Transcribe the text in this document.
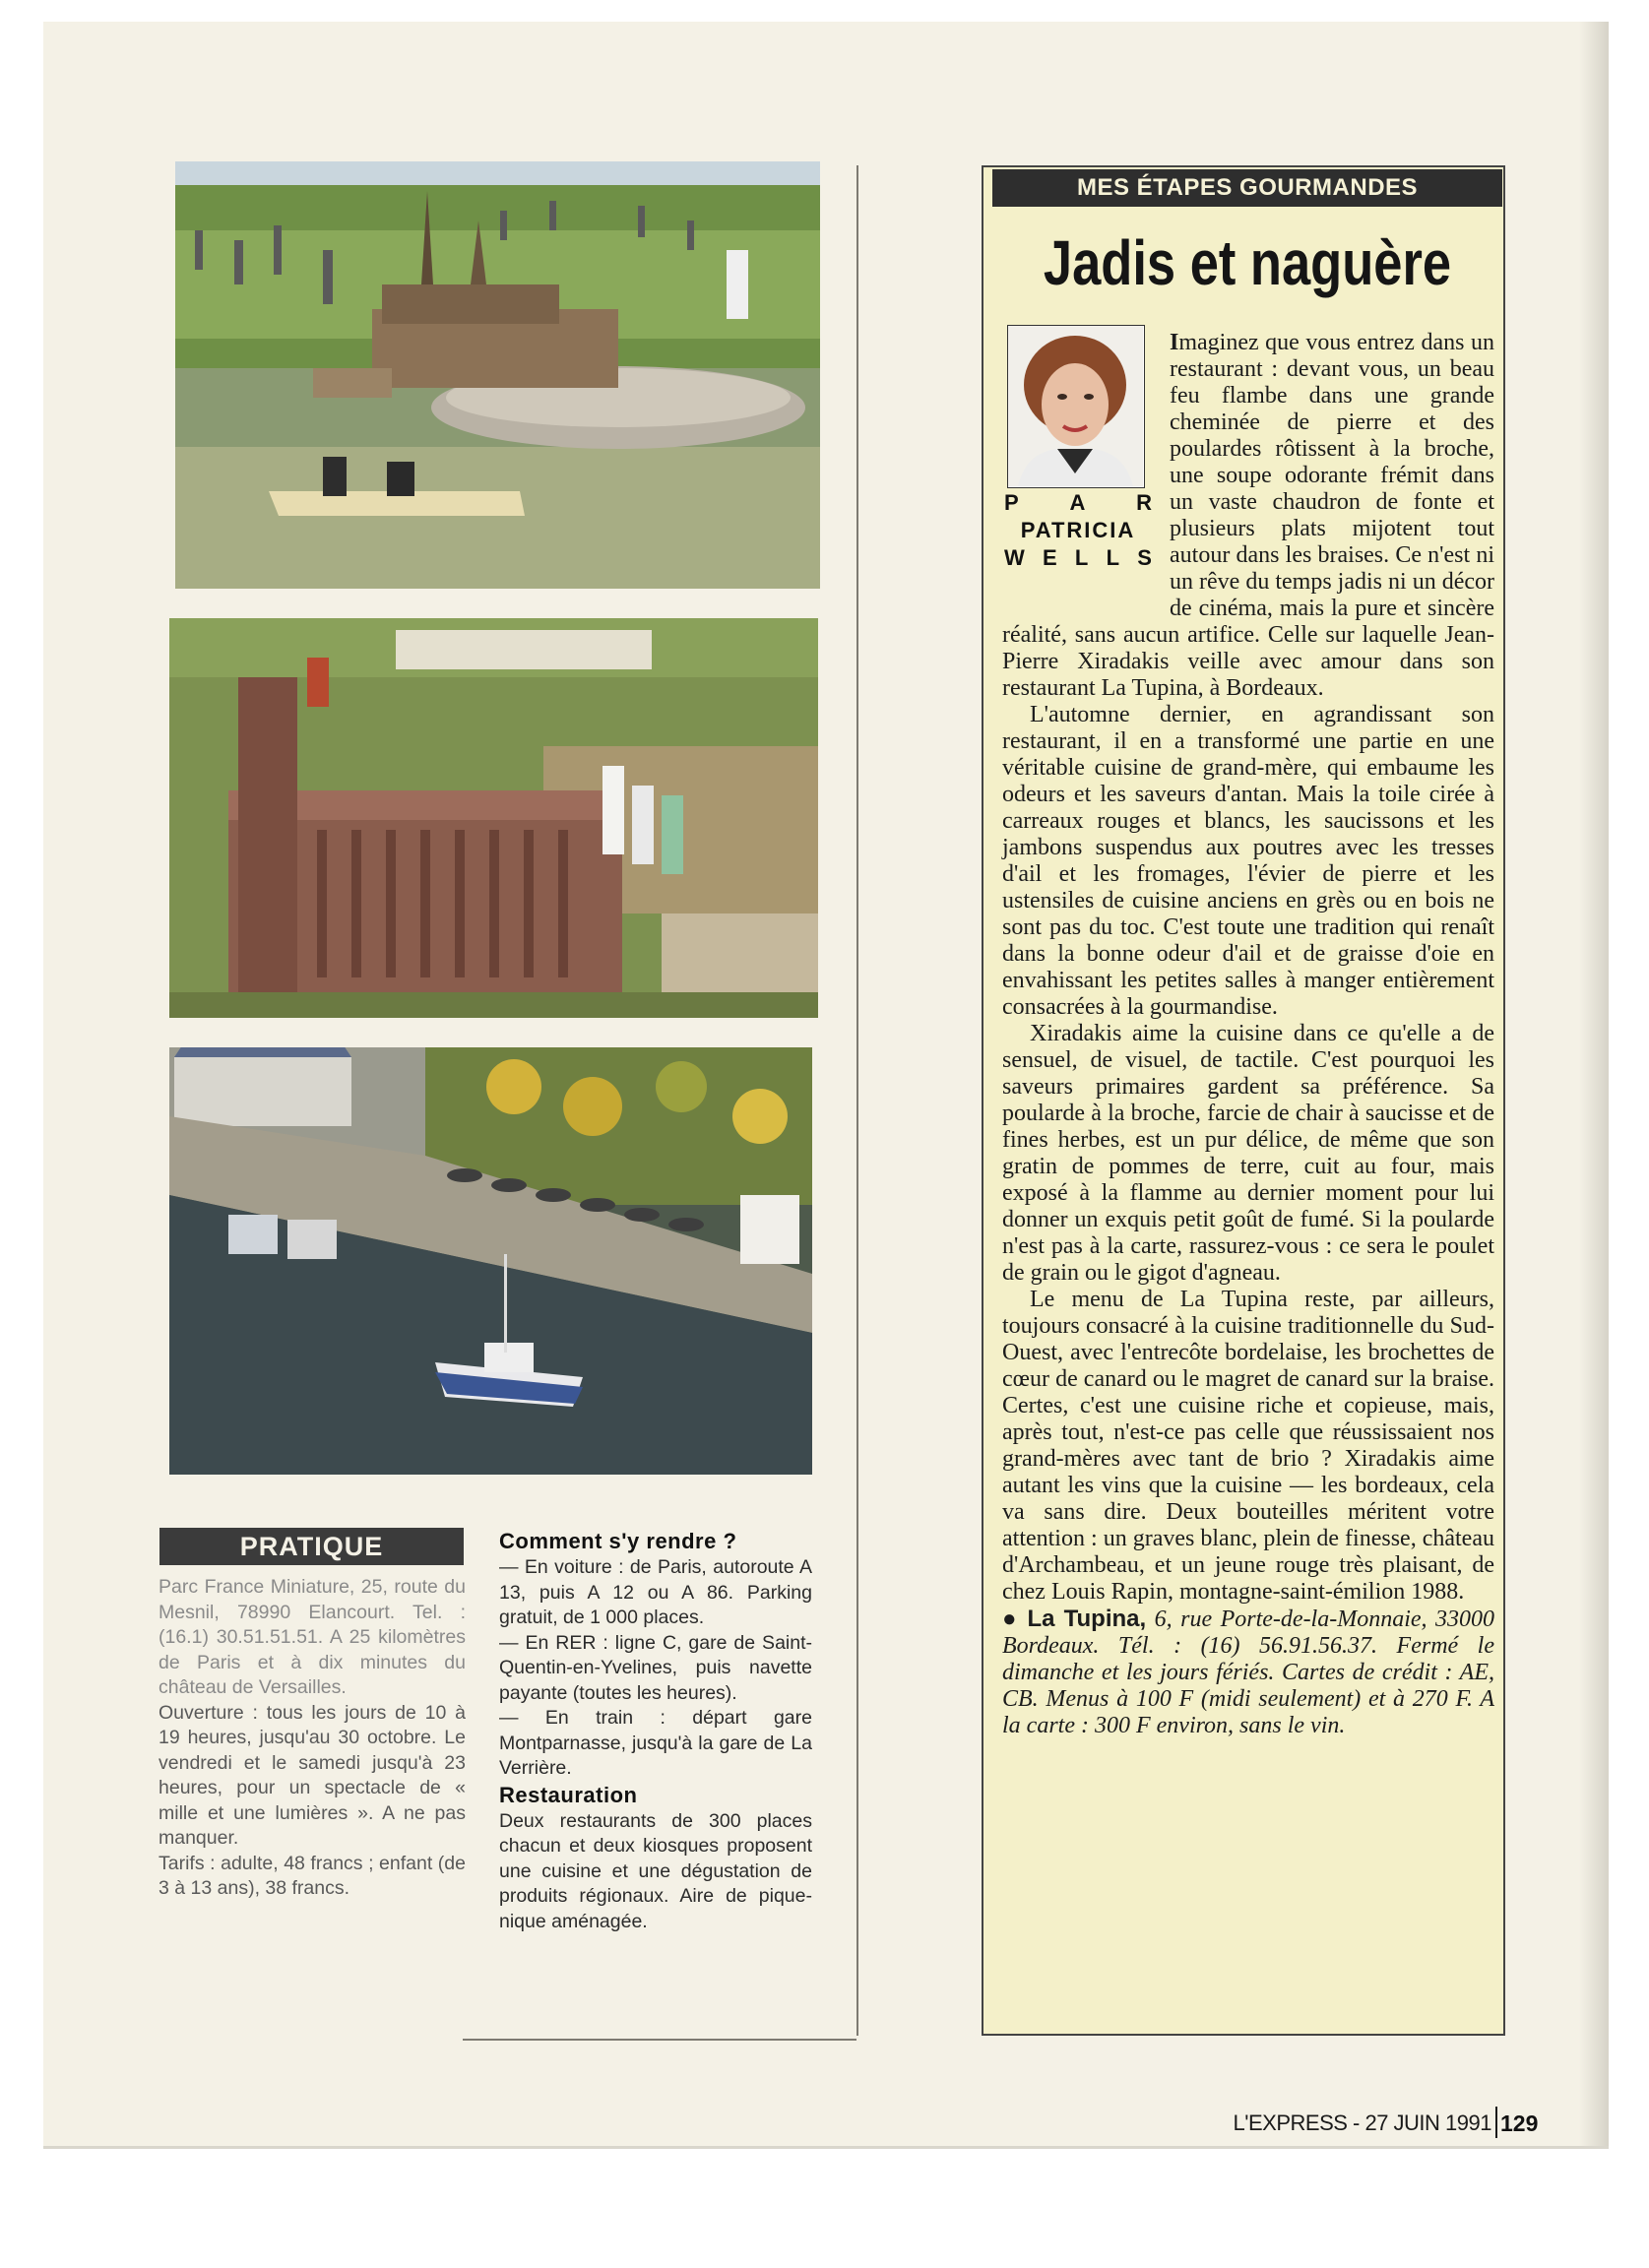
PRATIQUE

Parc France Miniature, 25, route du Mesnil, 78990 Elancourt. Tel. : (16.1) 30.51.51.51. A 25 kilomètres de Paris et à dix minutes du château de Versailles.

Ouverture : tous les jours de 10 à 19 heures, jusqu'au 30 octobre. Le vendredi et le samedi jusqu'à 23 heures, pour un spectacle de « mille et une lumières ». A ne pas manquer.

Tarifs : adulte, 48 francs ; enfant (de 3 à 13 ans), 38 francs.

Comment s'y rendre ?

— En voiture : de Paris, autoroute A 13, puis A 12 ou A 86. Parking gratuit, de 1 000 places.

— En RER : ligne C, gare de Saint-Quentin-en-Yvelines, puis navette payante (toutes les heures).

— En train : départ gare Montparnasse, jusqu'à la gare de La Verrière.

Restauration

Deux restaurants de 300 places chacun et deux kiosques proposent une cuisine et une dégustation de produits régionaux. Aire de pique-nique aménagée.

MES ÉTAPES GOURMANDES
Jadis et naguère
P A R
PATRICIA
W E L L S

Imaginez que vous entrez dans un restaurant : devant vous, un beau feu flambe dans une grande cheminée de pierre et des poulardes rôtissent à la broche, une soupe odorante frémit dans un vaste chaudron de fonte et plusieurs plats mijotent tout autour dans les braises. Ce n'est ni un rêve du temps jadis ni un décor de cinéma, mais la pure et sincère réalité, sans aucun artifice. Celle sur laquelle Jean-Pierre Xiradakis veille avec amour dans son restaurant La Tupina, à Bordeaux.

L'automne dernier, en agrandissant son restaurant, il en a transformé une partie en une véritable cuisine de grand-mère, qui embaume les odeurs et les saveurs d'antan. Mais la toile cirée à carreaux rouges et blancs, les saucissons et les jambons suspendus aux poutres avec les tresses d'ail et les fromages, l'évier de pierre et les ustensiles de cuisine anciens en grès ou en bois ne sont pas du toc. C'est toute une tradition qui renaît dans la bonne odeur d'ail et de graisse d'oie en envahissant les petites salles à manger entièrement consacrées à la gourmandise.

Xiradakis aime la cuisine dans ce qu'elle a de sensuel, de visuel, de tactile. C'est pourquoi les saveurs primaires gardent sa préférence. Sa poularde à la broche, farcie de chair à saucisse et de fines herbes, est un pur délice, de même que son gratin de pommes de terre, cuit au four, mais exposé à la flamme au dernier moment pour lui donner un exquis petit goût de fumé. Si la poularde n'est pas à la carte, rassurez-vous : ce sera le poulet de grain ou le gigot d'agneau.

Le menu de La Tupina reste, par ailleurs, toujours consacré à la cuisine traditionnelle du Sud-Ouest, avec l'entrecôte bordelaise, les brochettes de cœur de canard ou le magret de canard sur la braise. Certes, c'est une cuisine riche et copieuse, mais, après tout, n'est-ce pas celle que réussissaient nos grand-mères avec tant de brio ? Xiradakis aime autant les vins que la cuisine — les bordeaux, cela va sans dire. Deux bouteilles méritent votre attention : un graves blanc, plein de finesse, château d'Archambeau, et un jeune rouge très plaisant, de chez Louis Rapin, montagne-saint-émilion 1988.

● La Tupina, 6, rue Porte-de-la-Monnaie, 33000 Bordeaux. Tél. : (16) 56.91.56.37. Fermé le dimanche et les jours fériés. Cartes de crédit : AE, CB. Menus à 100 F (midi seulement) et à 270 F. A la carte : 300 F environ, sans le vin.

L'EXPRESS - 27 JUIN 1991 129
